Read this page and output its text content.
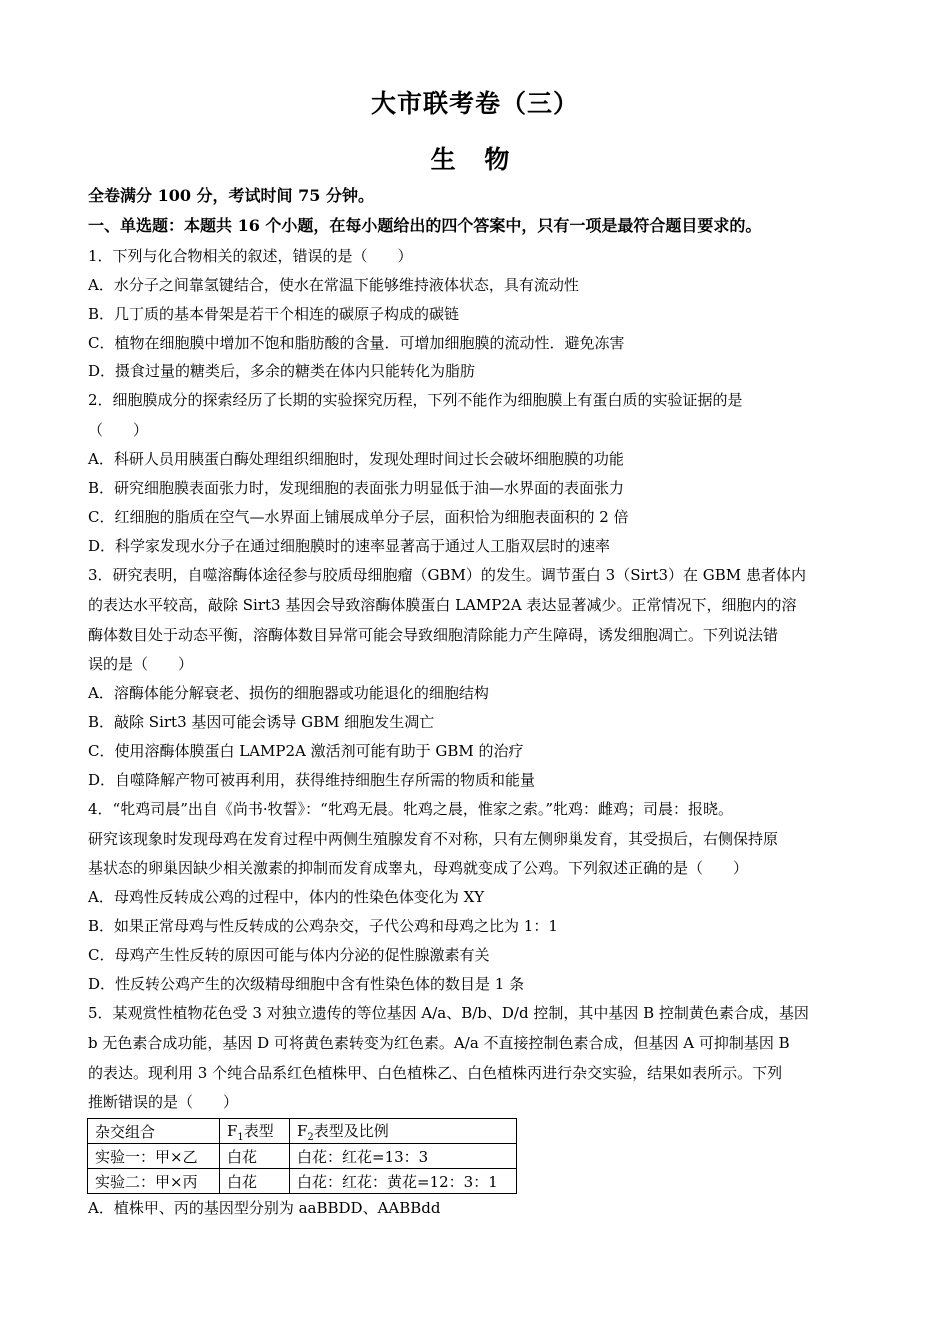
大市联考卷（三）
生 物
全卷满分 100 分，考试时间 75 分钟。
一、单选题：本题共 16 个小题，在每小题给出的四个答案中，只有一项是最符合题目要求的。
1．下列与化合物相关的叙述，错误的是（　　）
A．水分子之间靠氢键结合，使水在常温下能够维持液体状态，具有流动性
B．几丁质的基本骨架是若干个相连的碳原子构成的碳链
C．植物在细胞膜中增加不饱和脂肪酸的含量．可增加细胞膜的流动性．避免冻害
D．摄食过量的糖类后，多余的糖类在体内只能转化为脂肪
2．细胞膜成分的探索经历了长期的实验探究历程，下列不能作为细胞膜上有蛋白质的实验证据的是
（　　）
A．科研人员用胰蛋白酶处理组织细胞时，发现处理时间过长会破坏细胞膜的功能
B．研究细胞膜表面张力时，发现细胞的表面张力明显低于油—水界面的表面张力
C．红细胞的脂质在空气—水界面上铺展成单分子层，面积恰为细胞表面积的 2 倍
D．科学家发现水分子在通过细胞膜时的速率显著高于通过人工脂双层时的速率
3．研究表明，自噬溶酶体途径参与胶质母细胞瘤（GBM）的发生。调节蛋白 3（Sirt3）在 GBM 患者体内
的表达水平较高，敲除 Sirt3 基因会导致溶酶体膜蛋白 LAMP2A 表达显著减少。正常情况下，细胞内的溶
酶体数目处于动态平衡，溶酶体数目异常可能会导致细胞清除能力产生障碍，诱发细胞凋亡。下列说法错
误的是（　　）
A．溶酶体能分解衰老、损伤的细胞器或功能退化的细胞结构
B．敲除 Sirt3 基因可能会诱导 GBM 细胞发生凋亡
C．使用溶酶体膜蛋白 LAMP2A 激活剂可能有助于 GBM 的治疗
D．自噬降解产物可被再利用，获得维持细胞生存所需的物质和能量
4．“牝鸡司晨”出自《尚书·牧誓》：“牝鸡无晨。牝鸡之晨，惟家之索。”牝鸡：雌鸡；司晨：报晓。
研究该现象时发现母鸡在发育过程中两侧生殖腺发育不对称，只有左侧卵巢发育，其受损后，右侧保持原
基状态的卵巢因缺少相关激素的抑制而发育成睾丸，母鸡就变成了公鸡。下列叙述正确的是（　　）
A．母鸡性反转成公鸡的过程中，体内的性染色体变化为 XY
B．如果正常母鸡与性反转成的公鸡杂交，子代公鸡和母鸡之比为 1：1
C．母鸡产生性反转的原因可能与体内分泌的促性腺激素有关
D．性反转公鸡产生的次级精母细胞中含有性染色体的数目是 1 条
5．某观赏性植物花色受 3 对独立遗传的等位基因 A/a、B/b、D/d 控制，其中基因 B 控制黄色素合成，基因
b 无色素合成功能，基因 D 可将黄色素转变为红色素。A/a 不直接控制色素合成，但基因 A 可抑制基因 B
的表达。现利用 3 个纯合品系红色植株甲、白色植株乙、白色植株丙进行杂交实验，结果如表所示。下列
推断错误的是（　　）
杂交组合	$F_1$表型	$F_2$表型及比例
实验一：甲×乙	白花	白花：红花=13：3
实验二：甲×丙	白花	白花：红花：黄花=12：3：1
A．植株甲、丙的基因型分别为 aaBBDD、AABBdd
